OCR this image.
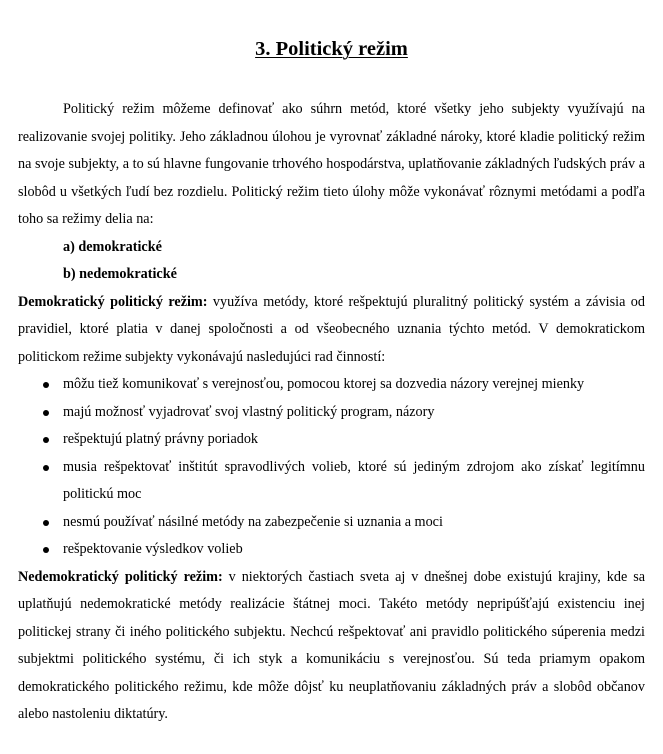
3. Politický režim

Politický režim môžeme definovať ako súhrn metód, ktoré všetky jeho subjekty využívajú na realizovanie svojej politiky. Jeho základnou úlohou je vyrovnať základné nároky, ktoré kladie politický režim na svoje subjekty, a to sú hlavne fungovanie trhového hospodárstva, uplatňovanie základných ľudských práv a slobôd u všetkých ľudí bez rozdielu. Politický režim tieto úlohy môže vykonávať rôznymi metódami a podľa toho sa režimy delia na:

a) demokratické

b) nedemokratické

Demokratický politický režim: využíva metódy, ktoré rešpektujú pluralitný politický systém a závisia od pravidiel, ktoré platia v danej spoločnosti a od všeobecného uznania týchto metód. V demokratickom politickom režime subjekty vykonávajú nasledujúci rad činností:

môžu tiež komunikovať s verejnosťou, pomocou ktorej sa dozvedia názory verejnej mienky
majú možnosť vyjadrovať svoj vlastný politický program, názory
rešpektujú platný právny poriadok
musia rešpektovať inštitút spravodlivých volieb, ktoré sú jediným zdrojom ako získať legitímnu politickú moc
nesmú používať násilné metódy na zabezpečenie si uznania a moci
rešpektovanie výsledkov volieb

Nedemokratický politický režim: v niektorých častiach sveta aj v dnešnej dobe existujú krajiny, kde sa uplatňujú nedemokratické metódy realizácie štátnej moci. Takéto metódy nepripúšťajú existenciu inej politickej strany či iného politického subjektu. Nechcú rešpektovať ani pravidlo politického súperenia medzi subjektmi politického systému, či ich styk a komunikáciu s verejnosťou. Sú teda priamym opakom demokratického politického režimu, kde môže dôjsť ku neuplatňovaniu základných práv a slobôd občanov alebo nastoleniu diktatúry.
